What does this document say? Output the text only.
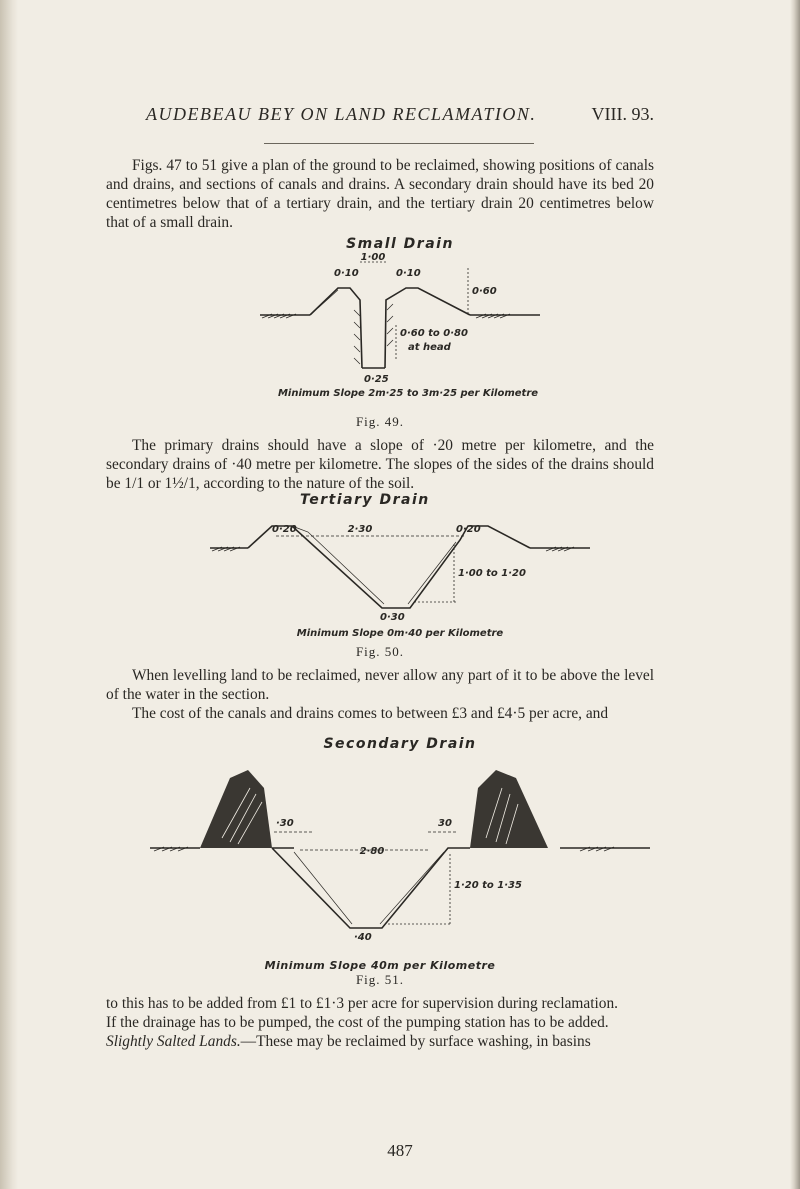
AUDEBEAU BEY ON LAND RECLAMATION.	VIII. 93.

Figs. 47 to 51 give a plan of the ground to be reclaimed, showing positions of canals and drains, and sections of canals and drains. A secondary drain should have its bed 20 centimetres below that of a tertiary drain, and the tertiary drain 20 centimetres below that of a small drain.

Small Drain
1·00
0·10	0·10
0·60
0·60 to 0·80
at head
0·25
Minimum Slope 2m·25 to 3m·25 per Kilometre
Fig. 49.

The primary drains should have a slope of ·20 metre per kilometre, and the secondary drains of ·40 metre per kilometre. The slopes of the sides of the drains should be 1/1 or 1½/1, according to the nature of the soil.

Tertiary Drain
0·20	2·30	0·20
1·00 to 1·20
0·30
Minimum Slope 0m·40 per Kilometre
Fig. 50.

When levelling land to be reclaimed, never allow any part of it to be above the level of the water in the section.

The cost of the canals and drains comes to between £3 and £4·5 per acre, and

Secondary Drain
·30
2·80
30
1·20 to 1·35
·40
Minimum Slope 40m per Kilometre
Fig. 51.

to this has to be added from £1 to £1·3 per acre for supervision during reclamation.

If the drainage has to be pumped, the cost of the pumping station has to be added.

Slightly Salted Lands.—These may be reclaimed by surface washing, in basins

487
